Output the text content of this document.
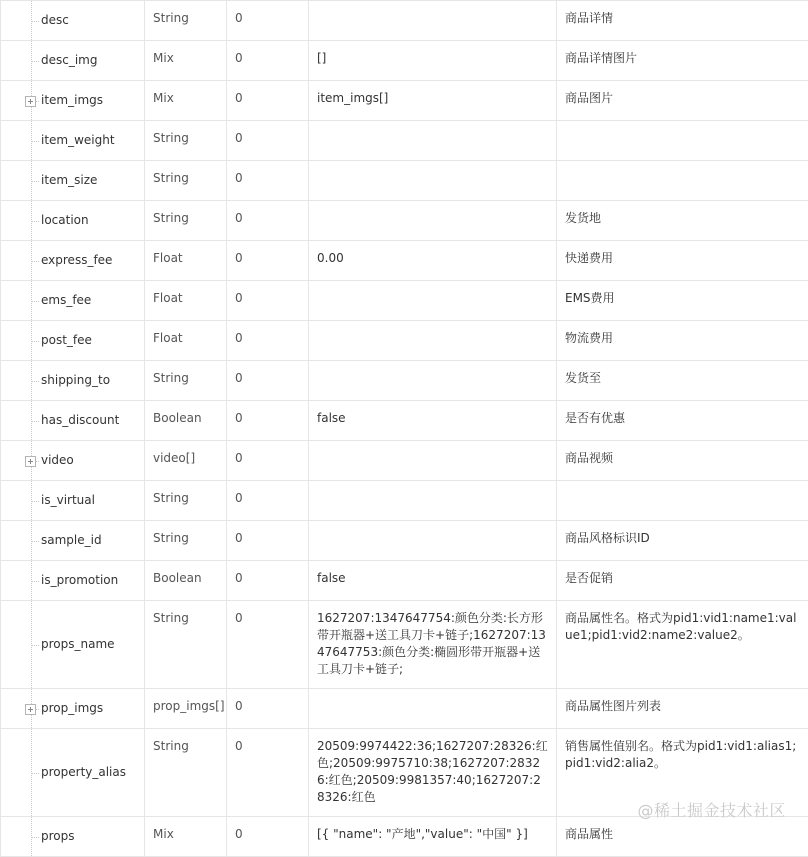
desc	String	0		商品详情

desc_img	Mix	0	[]	商品详情图片

item_imgs	Mix	0	item_imgs[]	商品图片

item_weight	String	0		

item_size	String	0		

location	String	0		发货地

express_fee	Float	0	0.00	快递费用

ems_fee	Float	0		EMS费用

post_fee	Float	0		物流费用

shipping_to	String	0		发货至

has_discount	Boolean	0	false	是否有优惠

video	video[]	0		商品视频

is_virtual	String	0		

sample_id	String	0		商品风格标识ID

is_promotion	Boolean	0	false	是否促销

props_name	String	0	1627207:1347647754:颜色分类:长方形带开瓶器+送工具刀卡+链子;1627207:1347647753:颜色分类:椭圆形带开瓶器+送工具刀卡+链子;	商品属性名。格式为pid1:vid1:name1:value1;pid1:vid2:name2:value2。

prop_imgs	prop_imgs[]	0		商品属性图片列表

property_alias	String	0	20509:9974422:36;1627207:28326:红色;20509:9975710:38;1627207:28326:红色;20509:9981357:40;1627207:28326:红色	销售属性值别名。格式为pid1:vid1:alias1;pid1:vid2:alia2。

props	Mix	0	[{ "name": "产地","value": "中国" }]	商品属性
@稀土掘金技术社区
